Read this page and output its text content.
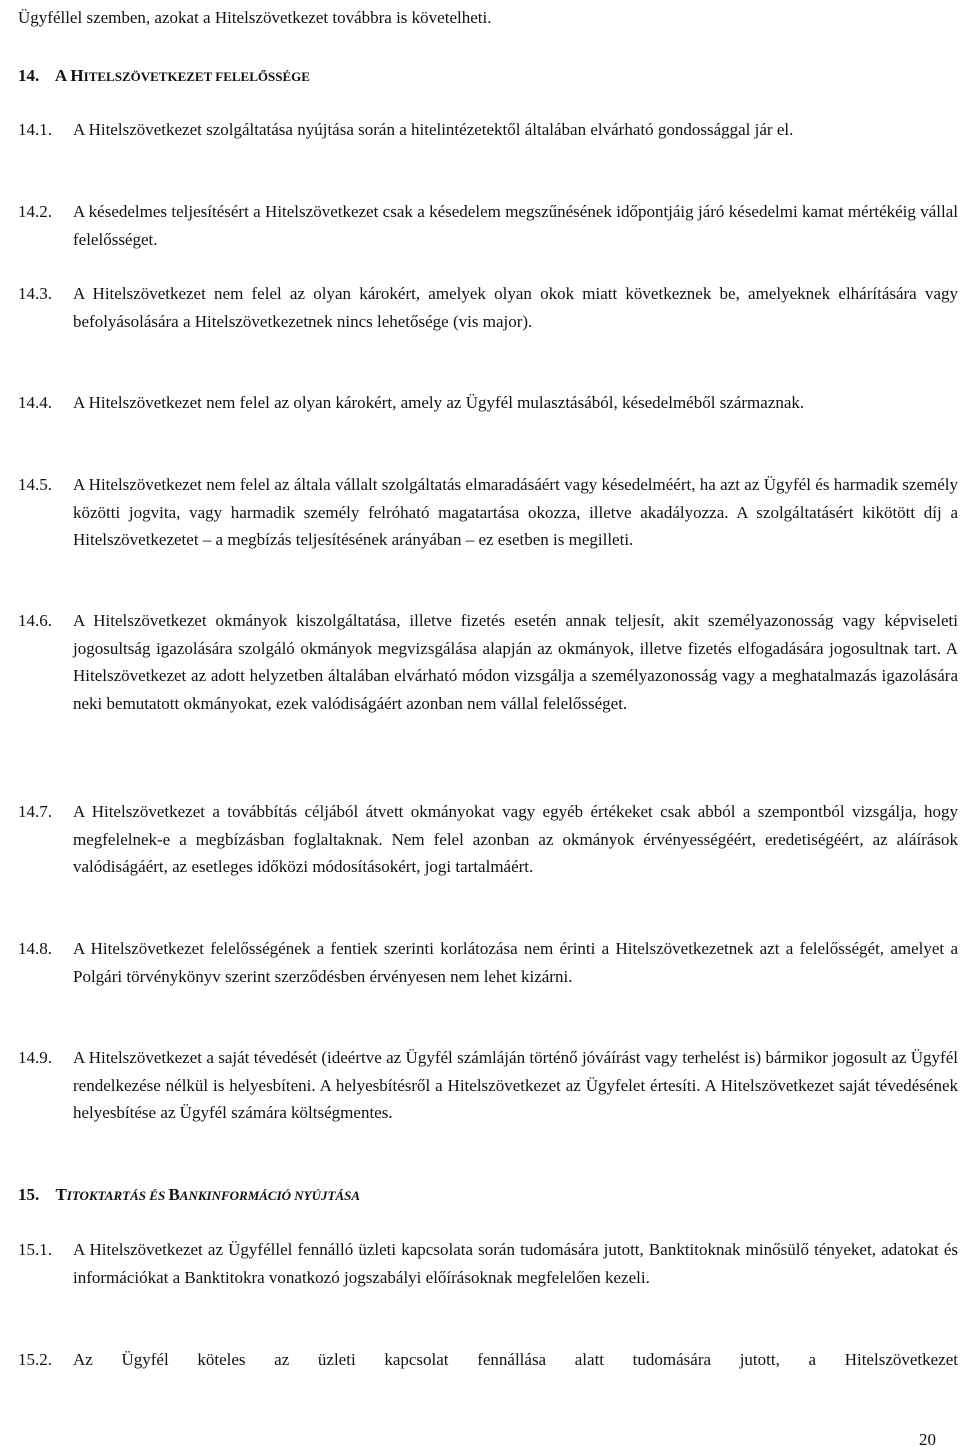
Ügyféllel szemben, azokat a Hitelszövetkezet továbbra is követelheti.
14. A HITELSZÖVETKEZET FELELŐSSÉGE
14.1.	A Hitelszövetkezet szolgáltatása nyújtása során a hitelintézetektől általában elvárható gondossággal jár el.
14.2.	A késedelmes teljesítésért a Hitelszövetkezet csak a késedelem megszűnésének időpontjáig járó késedelmi kamat mértékéig vállal felelősséget.
14.3.	A Hitelszövetkezet nem felel az olyan károkért, amelyek olyan okok miatt következnek be, amelyeknek elhárítására vagy befolyásolására a Hitelszövetkezetnek nincs lehetősége (vis major).
14.4.	A Hitelszövetkezet nem felel az olyan károkért, amely az Ügyfél mulasztásából, késedelméből származnak.
14.5.	A Hitelszövetkezet nem felel az általa vállalt szolgáltatás elmaradásáért vagy késedelméért, ha azt az Ügyfél és harmadik személy közötti jogvita, vagy harmadik személy felróható magatartása okozza, illetve akadályozza. A szolgáltatásért kikötött díj a Hitelszövetkezetet – a megbízás teljesítésének arányában – ez esetben is megilleti.
14.6.	A Hitelszövetkezet okmányok kiszolgáltatása, illetve fizetés esetén annak teljesít, akit személyazonosság vagy képviseleti jogosultság igazolására szolgáló okmányok megvizsgálása alapján az okmányok, illetve fizetés elfogadására jogosultnak tart. A Hitelszövetkezet az adott helyzetben általában elvárható módon vizsgálja a személyazonosság vagy a meghatalmazás igazolására neki bemutatott okmányokat, ezek valódiságáért azonban nem vállal felelősséget.
14.7.	A Hitelszövetkezet a továbbítás céljából átvett okmányokat vagy egyéb értékeket csak abból a szempontból vizsgálja, hogy megfelelnek-e a megbízásban foglaltaknak. Nem felel azonban az okmányok érvényességéért, eredetiségéért, az aláírások valódiságáért, az esetleges időközi módosításokért, jogi tartalmáért.
14.8.	A Hitelszövetkezet felelősségének a fentiek szerinti korlátozása nem érinti a Hitelszövetkezetnek azt a felelősségét, amelyet a Polgári törvénykönyv szerint szerződésben érvényesen nem lehet kizárni.
14.9.	A Hitelszövetkezet a saját tévedését (ideértve az Ügyfél számláján történő jóváírást vagy terhelést is) bármikor jogosult az Ügyfél rendelkezése nélkül is helyesbíteni. A helyesbítésről a Hitelszövetkezet az Ügyfelet értesíti. A Hitelszövetkezet saját tévedésének helyesbítése az Ügyfél számára költségmentes.
15. TITOKTARTÁS ÉS BANKINFORMÁCIÓ NYÚJTÁSA
15.1.	A Hitelszövetkezet az Ügyféllel fennálló üzleti kapcsolata során tudomására jutott, Banktitoknak minősülő tényeket, adatokat és információkat a Banktitokra vonatkozó jogszabályi előírásoknak megfelelően kezeli.
15.2.	Az Ügyfél köteles az üzleti kapcsolat fennállása alatt tudomására jutott, a Hitelszövetkezet
20
